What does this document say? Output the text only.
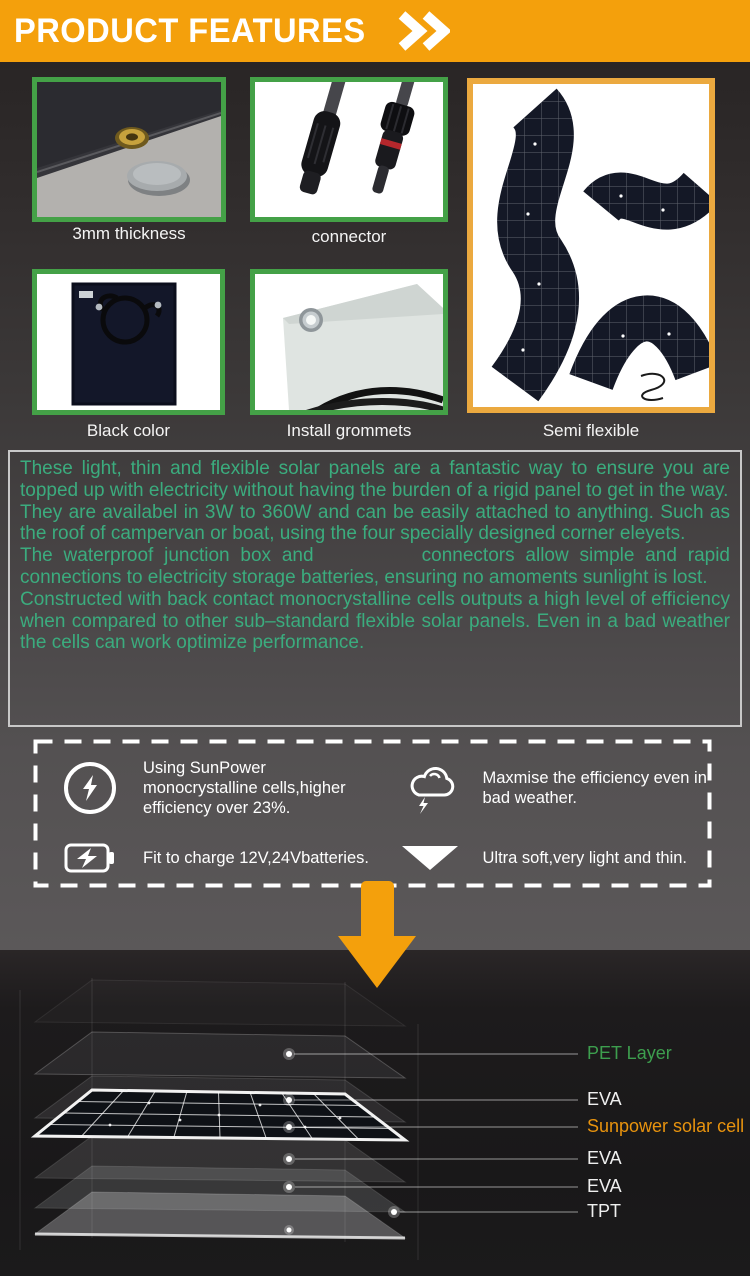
PRODUCT FEATURES
3mm thickness	connector
Black color	Install grommets	Semi flexible

These light, thin and flexible solar panels are a fantastic way to ensure you are topped up with electricity without having the burden of a rigid panel to get in the way.

They are availabel in 3W to 360W and can be easily attached to anything. Such as the roof of campervan or boat, using the four specially designed corner eleyets.

The waterproof junction box and          connectors allow simple and rapid connections to electricity storage batteries, ensuring no amoments sunlight is lost.

Constructed with back contact monocrystalline cells outputs a high level of efficiency when compared to other sub–standard flexible solar panels. Even in a bad weather the cells can work optimize performance.

Using SunPower monocrystalline cells,higher efficiency over 23%.
Fit to charge 12V,24Vbatteries.
Maxmise the efficiency even in bad weather.
Ultra soft,very light and thin.
PET Layer
EVA
Sunpower solar cell
EVA
EVA
TPT
